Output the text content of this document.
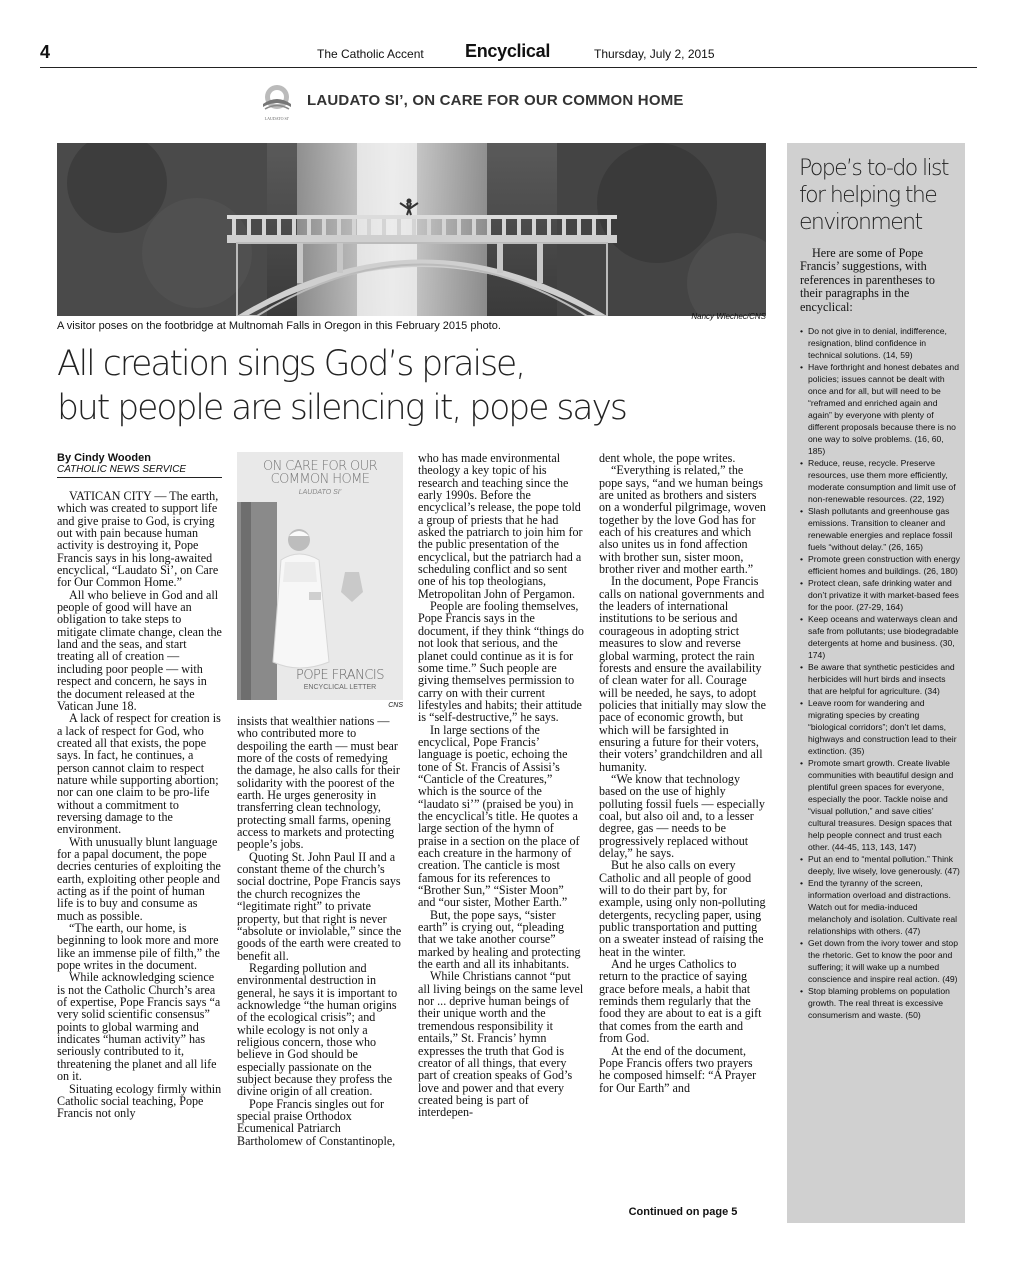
4	The Catholic Accent Encyclical	Thursday, July 2, 2015
LAUDATO SI’
LAUDATO SI’, ON CARE FOR OUR COMMON HOME
Nancy Wiechec/CNS
A visitor poses on the footbridge at Multnomah Falls in Oregon in this February 2015 photo.
All creation sings God’s praise,
but people are silencing it, pope says
By Cindy Wooden
CATHOLIC NEWS SERVICE

VATICAN CITY — The earth, which was created to support life and give praise to God, is crying out with pain because human activity is destroying it, Pope Francis says in his long-awaited encyclical, “Laudato Si’, on Care for Our Common Home.”

All who believe in God and all people of good will have an obligation to take steps to mitigate climate change, clean the land and the seas, and start treating all of creation — including poor people — with respect and concern, he says in the document released at the Vatican June 18.

A lack of respect for creation is a lack of respect for God, who created all that exists, the pope says. In fact, he continues, a person cannot claim to respect nature while supporting abortion; nor can one claim to be pro-life without a commitment to reversing damage to the environment.

With unusually blunt language for a papal document, the pope decries centuries of exploiting the earth, exploiting other people and acting as if the point of human life is to buy and consume as much as possible.

“The earth, our home, is beginning to look more and more like an immense pile of filth,” the pope writes in the document.

While acknowledging science is not the Catholic Church’s area of expertise, Pope Francis says “a very solid scientific consensus” points to global warming and indicates “human activity” has seriously contributed to it, threatening the planet and all life on it.

Situating ecology firmly within Catholic social teaching, Pope Francis not only

ON CARE FOR OUR
COMMON HOME
LAUDATO SI’
POPE FRANCIS
ENCYCLICAL LETTER
CNS

insists that wealthier nations — who contributed more to despoiling the earth — must bear more of the costs of remedying the damage, he also calls for their solidarity with the poorest of the earth. He urges generosity in transferring clean technology, protecting small farms, opening access to markets and protecting people’s jobs.

Quoting St. John Paul II and a constant theme of the church’s social doctrine, Pope Francis says the church recognizes the “legitimate right” to private property, but that right is never “absolute or inviolable,” since the goods of the earth were created to benefit all.

Regarding pollution and environmental destruction in general, he says it is important to acknowledge “the human origins of the ecological crisis”; and while ecology is not only a religious concern, those who believe in God should be especially passionate on the subject because they profess the divine origin of all creation.

Pope Francis singles out for special praise Orthodox Ecumenical Patriarch Bartholomew of Constantinople,

who has made environmental theology a key topic of his research and teaching since the early 1990s. Before the encyclical’s release, the pope told a group of priests that he had asked the patriarch to join him for the public presentation of the encyclical, but the patriarch had a scheduling conflict and so sent one of his top theologians, Metropolitan John of Pergamon.

People are fooling themselves, Pope Francis says in the document, if they think “things do not look that serious, and the planet could continue as it is for some time.” Such people are giving themselves permission to carry on with their current lifestyles and habits; their attitude is “self-destructive,” he says.

In large sections of the encyclical, Pope Francis’ language is poetic, echoing the tone of St. Francis of Assisi’s “Canticle of the Creatures,” which is the source of the “laudato si’” (praised be you) in the encyclical’s title. He quotes a large section of the hymn of praise in a section on the place of each creature in the harmony of creation. The canticle is most famous for its references to “Brother Sun,” “Sister Moon” and “our sister, Mother Earth.”

But, the pope says, “sister earth” is crying out, “pleading that we take another course” marked by healing and protecting the earth and all its inhabitants.

While Christians cannot “put all living beings on the same level nor ... deprive human beings of their unique worth and the tremendous responsibility it entails,” St. Francis’ hymn expresses the truth that God is creator of all things, that every part of creation speaks of God’s love and power and that every created being is part of interdepen-

dent whole, the pope writes.

“Everything is related,” the pope says, “and we human beings are united as brothers and sisters on a wonderful pilgrimage, woven together by the love God has for each of his creatures and which also unites us in fond affection with brother sun, sister moon, brother river and mother earth.”

In the document, Pope Francis calls on national governments and the leaders of international institutions to be serious and courageous in adopting strict measures to slow and reverse global warming, protect the rain forests and ensure the availability of clean water for all. Courage will be needed, he says, to adopt policies that initially may slow the pace of economic growth, but which will be farsighted in ensuring a future for their voters, their voters’ grandchildren and all humanity.

“We know that technology based on the use of highly polluting fossil fuels — especially coal, but also oil and, to a lesser degree, gas — needs to be progressively replaced without delay,” he says.

But he also calls on every Catholic and all people of good will to do their part by, for example, using only non-polluting detergents, recycling paper, using public transportation and putting on a sweater instead of raising the heat in the winter.

And he urges Catholics to return to the practice of saying grace before meals, a habit that reminds them regularly that the food they are about to eat is a gift that comes from the earth and from God.

At the end of the document, Pope Francis offers two prayers he composed himself: “A Prayer for Our Earth” and

Continued on page 5
Pope’s to-do list for helping the environment

Here are some of Pope Francis’ suggestions, with references in parentheses to their paragraphs in the encyclical:

• Do not give in to denial, indifference, resignation, blind confidence in technical solutions. (14, 59)
• Have forthright and honest debates and policies; issues cannot be dealt with once and for all, but will need to be “reframed and enriched again and again” by everyone with plenty of different proposals because there is no one way to solve problems. (16, 60, 185)
• Reduce, reuse, recycle. Preserve resources, use them more efficiently, moderate consumption and limit use of non-renewable resources. (22, 192)
• Slash pollutants and greenhouse gas emissions. Transition to cleaner and renewable energies and replace fossil fuels “without delay.” (26, 165)
• Promote green construction with energy efficient homes and buildings. (26, 180)
• Protect clean, safe drinking water and don’t privatize it with market-based fees for the poor. (27-29, 164)
• Keep oceans and waterways clean and safe from pollutants; use biodegradable detergents at home and business. (30, 174)
• Be aware that synthetic pesticides and herbicides will hurt birds and insects that are helpful for agriculture. (34)
• Leave room for wandering and migrating species by creating “biological corridors”; don’t let dams, highways and construction lead to their extinction. (35)
• Promote smart growth. Create livable communities with beautiful design and plentiful green spaces for everyone, especially the poor. Tackle noise and “visual pollution,” and save cities’ cultural treasures. Design spaces that help people connect and trust each other. (44-45, 113, 143, 147)
• Put an end to “mental pollution.” Think deeply, live wisely, love generously. (47)
• End the tyranny of the screen, information overload and distractions. Watch out for media-induced melancholy and isolation. Cultivate real relationships with others. (47)
• Get down from the ivory tower and stop the rhetoric. Get to know the poor and suffering; it will wake up a numbed conscience and inspire real action. (49)
• Stop blaming problems on population growth. The real threat is excessive consumerism and waste. (50)
